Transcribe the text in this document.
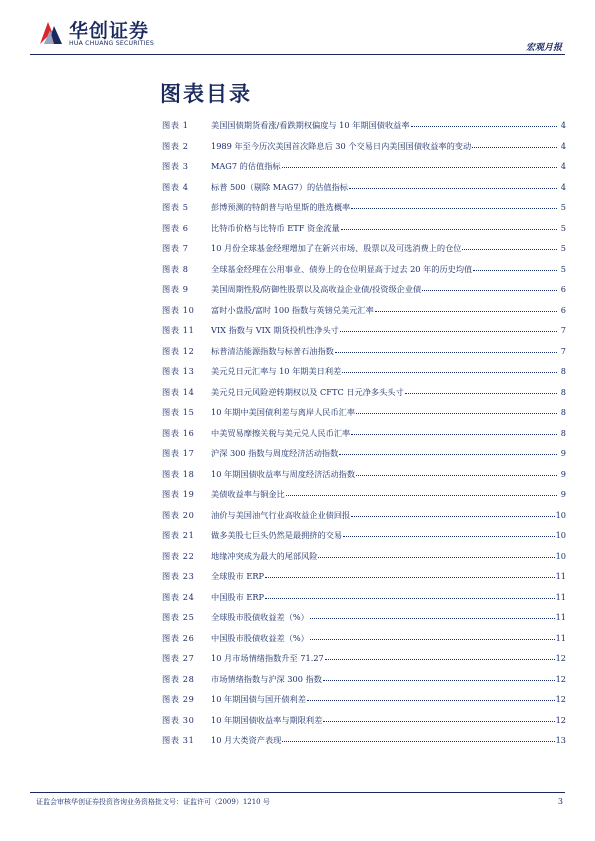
华创证券
HUA CHUANG SECURITIES	宏观月报
图表目录
图表 1	美国国债期货看涨/看跌期权偏度与 10 年期国债收益率	4
图表 2	1989 年至今历次美国首次降息后 30 个交易日内美国国债收益率的变动	4
图表 3	MAG7 的估值指标	4
图表 4	标普 500（剔除 MAG7）的估值指标	4
图表 5	彭博预测的特朗普与哈里斯的胜选概率	5
图表 6	比特币价格与比特币 ETF 资金流量	5
图表 7	10 月份全球基金经理增加了在新兴市场、股票以及可选消费上的仓位	5
图表 8	全球基金经理在公用事业、债券上的仓位明显高于过去 20 年的历史均值	5
图表 9	美国周期性股/防御性股票以及高收益企业债/投资级企业债	6
图表 10	富时小盘股/富时 100 指数与英镑兑美元汇率	6
图表 11	VIX 指数与 VIX 期货投机性净头寸	7
图表 12	标普清洁能源指数与标普石油指数	7
图表 13	美元兑日元汇率与 10 年期美日利差	8
图表 14	美元兑日元风险逆转期权以及 CFTC 日元净多头头寸	8
图表 15	10 年期中美国债利差与离岸人民币汇率	8
图表 16	中美贸易摩擦关税与美元兑人民币汇率	8
图表 17	沪深 300 指数与周度经济活动指数	9
图表 18	10 年期国债收益率与周度经济活动指数	9
图表 19	美债收益率与铜金比	9
图表 20	油价与美国油气行业高收益企业债回报	10
图表 21	做多美股七巨头仍然是最拥挤的交易	10
图表 22	地缘冲突成为最大的尾部风险	10
图表 23	全球股市 ERP	11
图表 24	中国股市 ERP	11
图表 25	全球股市股债收益差（%）	11
图表 26	中国股市股债收益差（%）	11
图表 27	10 月市场情绪指数升至 71.27	12
图表 28	市场情绪指数与沪深 300 指数	12
图表 29	10 年期国债与国开债利差	12
图表 30	10 年期国债收益率与期限利差	12
图表 31	10 月大类资产表现	13
证监会审核华创证券投资咨询业务资格批文号：证监许可（2009）1210 号	3
